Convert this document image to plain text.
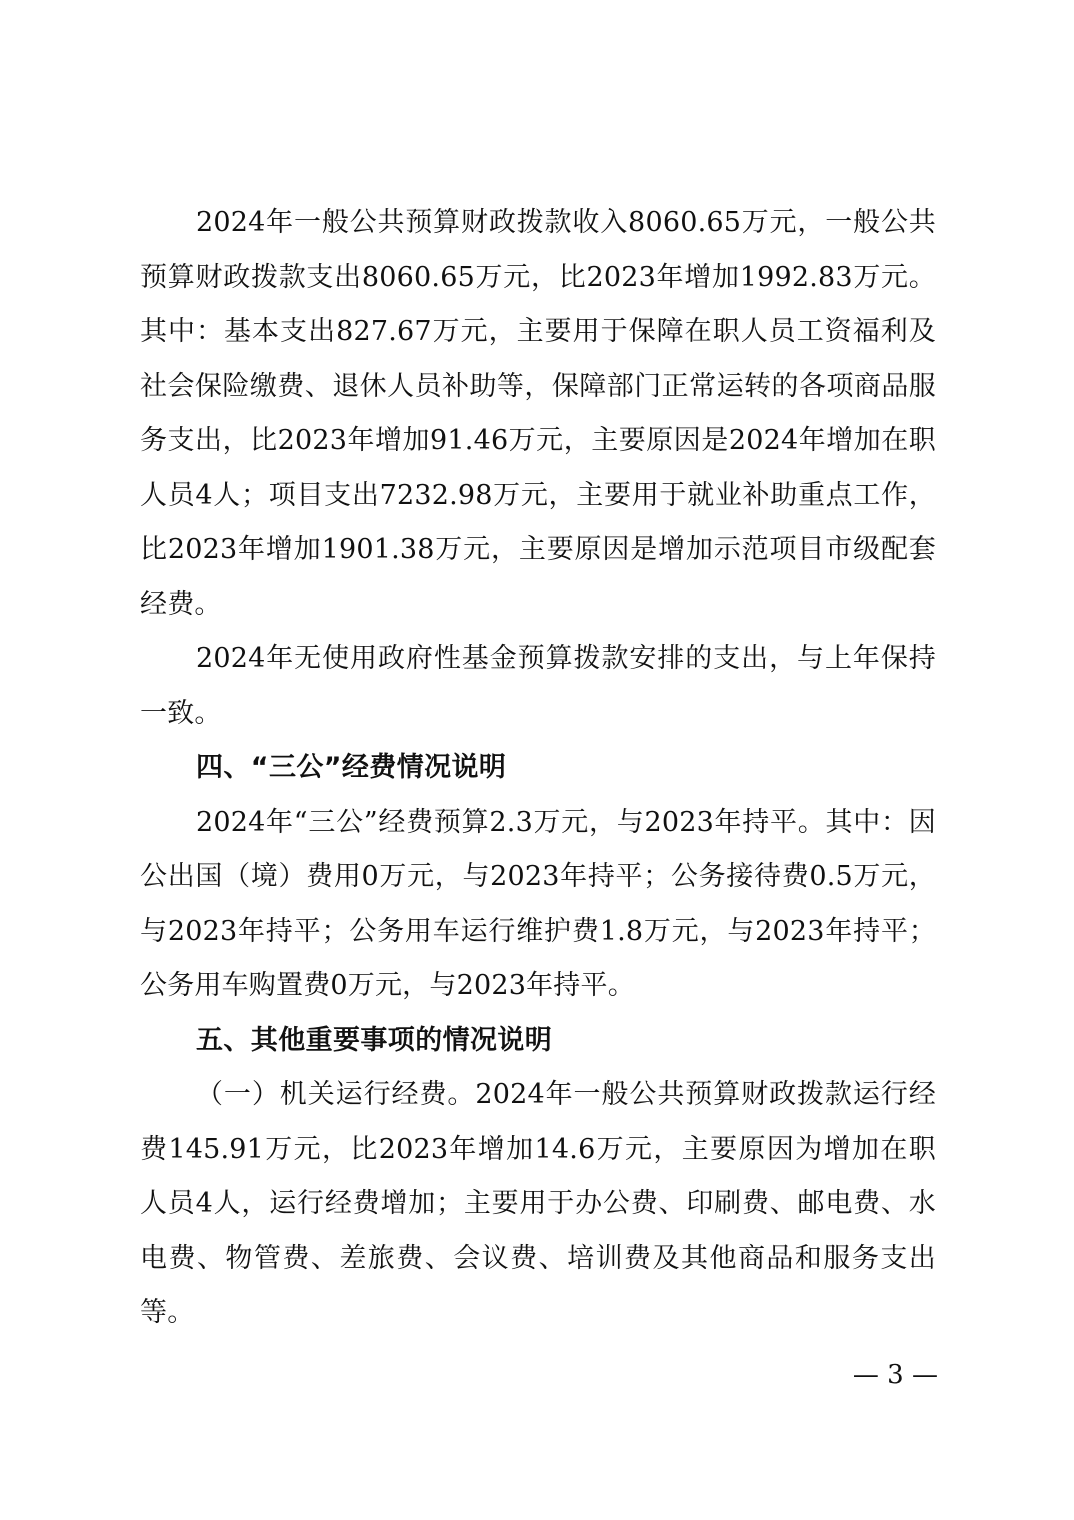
2024年一般公共预算财政拨款收入8060.65万元，一般公共预算财政拨款支出8060.65万元，比2023年增加1992.83万元。其中：基本支出827.67万元，主要用于保障在职人员工资福利及社会保险缴费、退休人员补助等，保障部门正常运转的各项商品服务支出，比2023年增加91.46万元，主要原因是2024年增加在职人员4人；项目支出7232.98万元，主要用于就业补助重点工作，比2023年增加1901.38万元，主要原因是增加示范项目市级配套经费。

2024年无使用政府性基金预算拨款安排的支出，与上年保持一致。

四、“三公”经费情况说明

2024年“三公”经费预算2.3万元，与2023年持平。其中：因公出国（境）费用0万元，与2023年持平；公务接待费0.5万元，与2023年持平；公务用车运行维护费1.8万元，与2023年持平；公务用车购置费0万元，与2023年持平。

五、其他重要事项的情况说明

（一）机关运行经费。2024年一般公共预算财政拨款运行经费145.91万元，比2023年增加14.6万元，主要原因为增加在职人员4人，运行经费增加；主要用于办公费、印刷费、邮电费、水电费、物管费、差旅费、会议费、培训费及其他商品和服务支出等。

— 3 —
